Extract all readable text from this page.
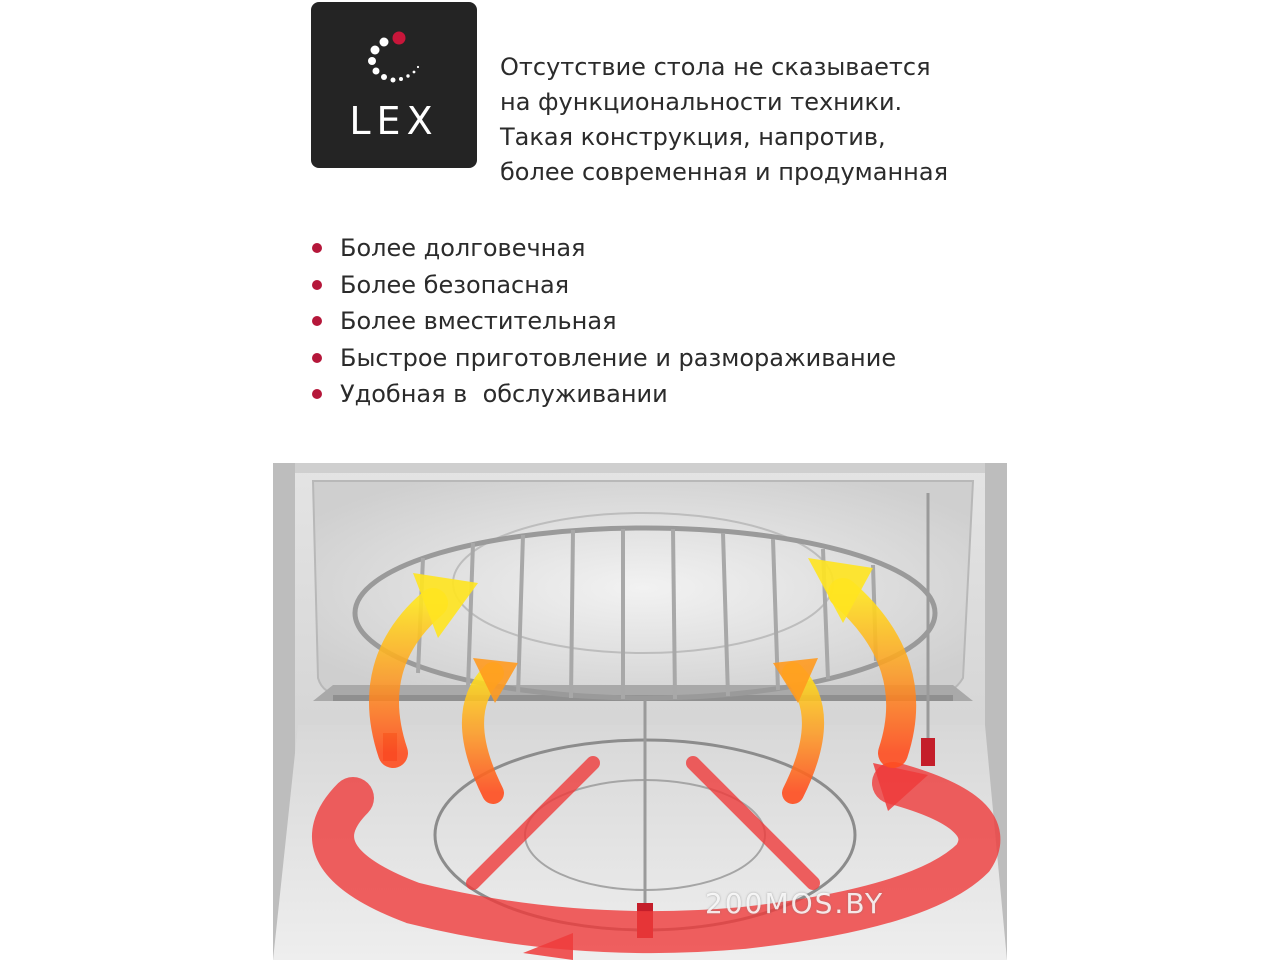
LEX
Отсутствие стола не сказывается
на функциональности техники.
Такая конструкция, напротив,
более современная и продуманная
Более долговечная
Более безопасная
Более вместительная
Быстрое приготовление и размораживание
Удобная в  обслуживании
200MOS.BY
